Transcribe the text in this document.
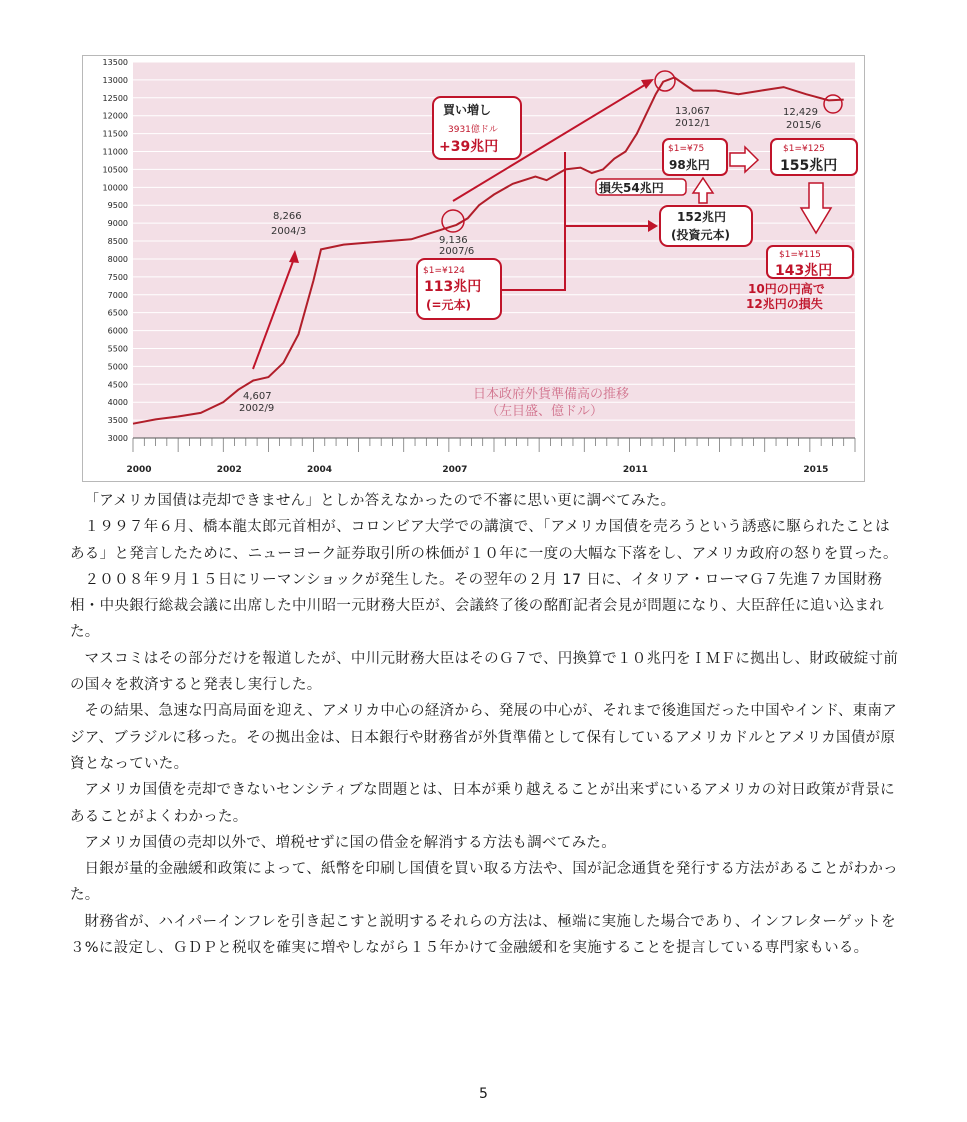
3000
3500
4000
4500
5000
5500
6000
6500
7000
7500
8000
8500
9000
9500
10000
10500
11000
11500
12000
12500
13000
13500
2000	2002	2004	2007	2011	2015
8,266
2004/3
4,607
2002/9
9,136
2007/6
13,067
2012/1
12,429
2015/6
買い増し
3931億ドル
+39兆円
$1=¥124
113兆円
(=元本)
152兆円
(投資元本)
損失54兆円
$1=¥75
98兆円
$1=¥125
155兆円
$1=¥115
143兆円
10円の円高で
12兆円の損失
日本政府外貨準備高の推移
（左目盛、億ドル）

「アメリカ国債は売却できません」としか答えなかったので不審に思い更に調べてみた。

１９９７年６月、橋本龍太郎元首相が、コロンビア大学での講演で、「アメリカ国債を売ろうという誘惑に駆られたことはある」と発言したために、ニューヨーク証券取引所の株価が１０年に一度の大幅な下落をし、アメリカ政府の怒りを買った。

２００８年９月１５日にリーマンショックが発生した。その翌年の２月 17 日に、イタリア・ローマＧ７先進７カ国財務相・中央銀行総裁会議に出席した中川昭一元財務大臣が、会議終了後の酩酊記者会見が問題になり、大臣辞任に追い込まれた。

マスコミはその部分だけを報道したが、中川元財務大臣はそのＧ７で、円換算で１０兆円をＩＭＦに拠出し、財政破綻寸前の国々を救済すると発表し実行した。

その結果、急速な円高局面を迎え、アメリカ中心の経済から、発展の中心が、それまで後進国だった中国やインド、東南アジア、ブラジルに移った。その拠出金は、日本銀行や財務省が外貨準備として保有しているアメリカドルとアメリカ国債が原資となっていた。

アメリカ国債を売却できないセンシティブな問題とは、日本が乗り越えることが出来ずにいるアメリカの対日政策が背景にあることがよくわかった。

アメリカ国債の売却以外で、増税せずに国の借金を解消する方法も調べてみた。

日銀が量的金融緩和政策によって、紙幣を印刷し国債を買い取る方法や、国が記念通貨を発行する方法があることがわかった。

財務省が、ハイパーインフレを引き起こすと説明するそれらの方法は、極端に実施した場合であり、インフレターゲットを３%に設定し、ＧＤＰと税収を確実に増やしながら１５年かけて金融緩和を実施することを提言している専門家もいる。

5
